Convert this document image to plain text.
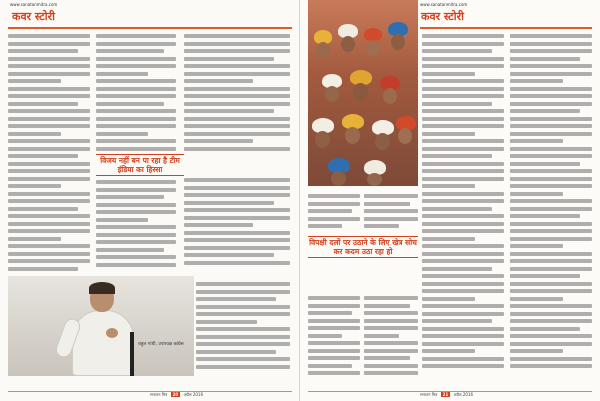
www.sanatanmitra.com
कवर स्टोरी
विजय नहीं बन पा रहा है टीम इंडिया का हिस्सा
राहुल गांधी, उपाध्यक्ष कांग्रेस
सनातन मित्र 20 अप्रैल 2016
www.sanatanmitra.com
कवर स्टोरी
विपक्षी दलों पर उठाने के लिए खेत्र सोच कर कदम उठा रहा हो
सनातन मित्र 21 अप्रैल 2016
